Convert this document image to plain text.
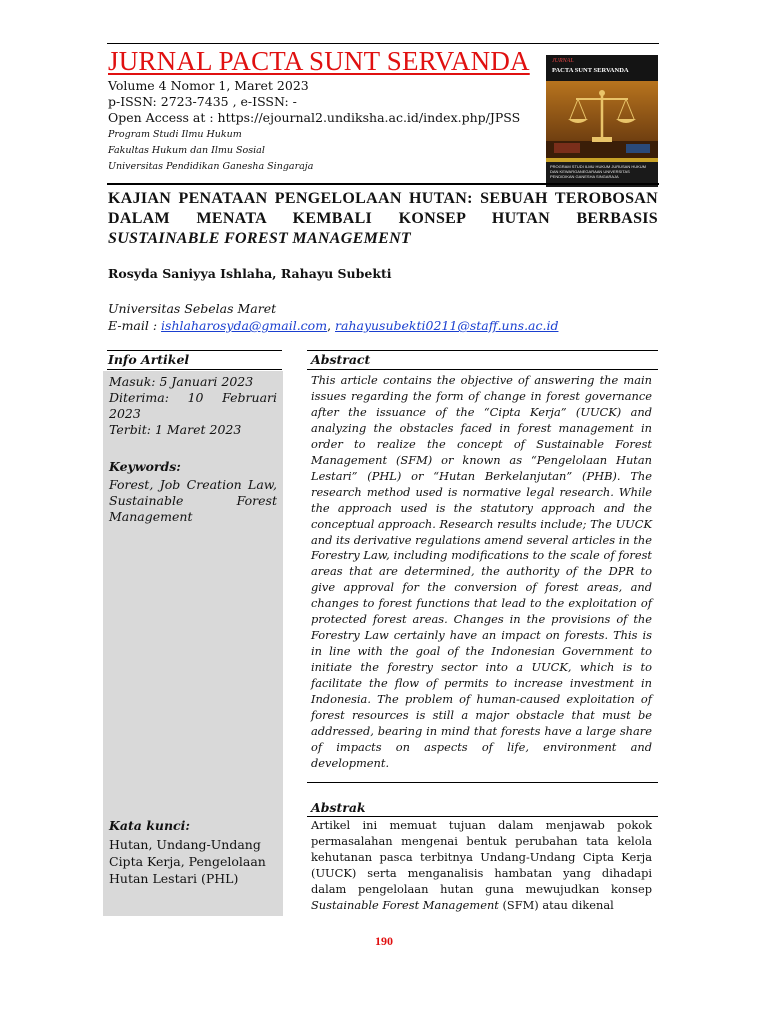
JURNAL PACTA SUNT SERVANDA
Volume 4 Nomor 1, Maret 2023
p-ISSN: 2723-7435 , e-ISSN: -
Open Access at : https://ejournal2.undiksha.ac.id/index.php/JPSS
Program Studi Ilmu Hukum
Fakultas Hukum dan Ilmu Sosial
Universitas Pendidikan Ganesha Singaraja
JURNAL
PACTA SUNT SERVANDA
PROGRAM STUDI ILMU HUKUM JURUSAN HUKUM DAN KEWARGANEGARAAN UNIVERSITAS PENDIDIKAN GANESHA SINGARAJA
KAJIAN PENATAAN PENGELOLAAN HUTAN: SEBUAH TEROBOSAN DALAM MENATA KEMBALI KONSEP HUTAN BERBASIS
SUSTAINABLE FOREST MANAGEMENT
Rosyda Saniyya Ishlaha, Rahayu Subekti
Universitas Sebelas Maret
E-mail : ishlaharosyda@gmail.com, rahayusubekti0211@staff.uns.ac.id
Info Artikel	Abstract
Masuk: 5 Januari 2023
Diterima: 10 Februari 2023
Terbit: 1 Maret 2023
Keywords:
Forest, Job Creation Law, Sustainable Forest Management
Kata kunci:
Hutan, Undang-Undang Cipta Kerja, Pengelolaan Hutan Lestari (PHL)
This article contains the objective of answering the main issues regarding the form of change in forest governance after the issuance of the “Cipta Kerja” (UUCK) and analyzing the obstacles faced in forest management in order to realize the concept of Sustainable Forest Management (SFM) or known as “Pengelolaan Hutan Lestari” (PHL) or “Hutan Berkelanjutan” (PHB). The research method used is normative legal research. While the approach used is the statutory approach and the conceptual approach. Research results include; The UUCK and its derivative regulations amend several articles in the Forestry Law, including modifications to the scale of forest areas that are determined, the authority of the DPR to give approval for the conversion of forest areas, and changes to forest functions that lead to the exploitation of protected forest areas. Changes in the provisions of the Forestry Law certainly have an impact on forests. This is in line with the goal of the Indonesian Government to initiate the forestry sector into a UUCK, which is to facilitate the flow of permits to increase investment in Indonesia. The problem of human-caused exploitation of forest resources is still a major obstacle that must be addressed, bearing in mind that forests have a large share of impacts on aspects of life, environment and development.
Abstrak
Artikel ini memuat tujuan dalam menjawab pokok permasalahan mengenai bentuk perubahan tata kelola kehutanan pasca terbitnya Undang-Undang Cipta Kerja (UUCK) serta menganalisis hambatan yang dihadapi dalam pengelolaan hutan guna mewujudkan konsep Sustainable Forest Management (SFM) atau dikenal
190
